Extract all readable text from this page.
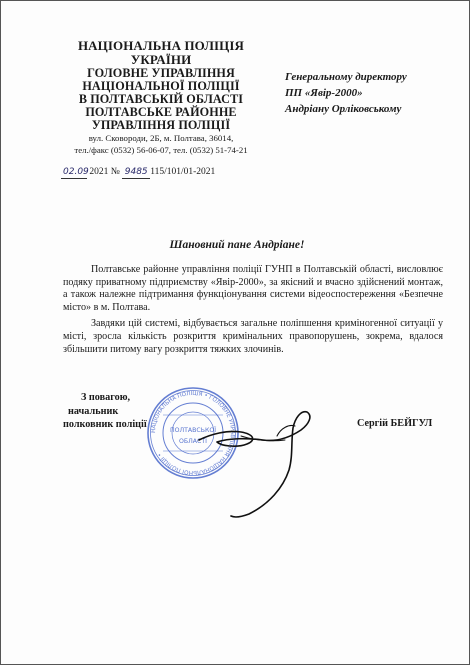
НАЦІОНАЛЬНА ПОЛІЦІЯ
УКРАЇНИ
ГОЛОВНЕ УПРАВЛІННЯ
НАЦІОНАЛЬНОЇ ПОЛІЦІЇ
В ПОЛТАВСЬКІЙ ОБЛАСТІ
ПОЛТАВСЬКЕ РАЙОННЕ
УПРАВЛІННЯ ПОЛІЦІЇ
вул. Сковороди, 2Б, м. Полтава, 36014,
тел./факс (0532) 56-06-07, тел. (0532) 51-74-21
Генеральному директору
ПП «Явір-2000»
Андріану Орліковському
02.09 2021 № 9485 115/101/01-2021
Шановний пане Андріане!

Полтавське районне управління поліції ГУНП в Полтавській області, висловлює подяку приватному підприємству «Явір-2000», за якісний и вчасно здійснений монтаж, а також належне підтримання функціонування системи відеоспостереження «Безпечне місто» в м. Полтава.

Завдяки цій системі, відбувається загальне поліпшення криміногенної ситуації у місті, зросла кількість розкриття кримінальних правопорушень, зокрема, вдалося збільшити питому вагу розкриття тяжких злочинів.

З повагою,
начальник
полковник поліції
НАЦІОНАЛЬНА ПОЛІЦІЯ • ГОЛОВНЕ УПРАВЛІННЯ НАЦІОНАЛЬНОЇ ПОЛІЦІЇ •
ПОЛТАВСЬКОЇ
ОБЛАСТІ
Сергій БЕЙГУЛ
